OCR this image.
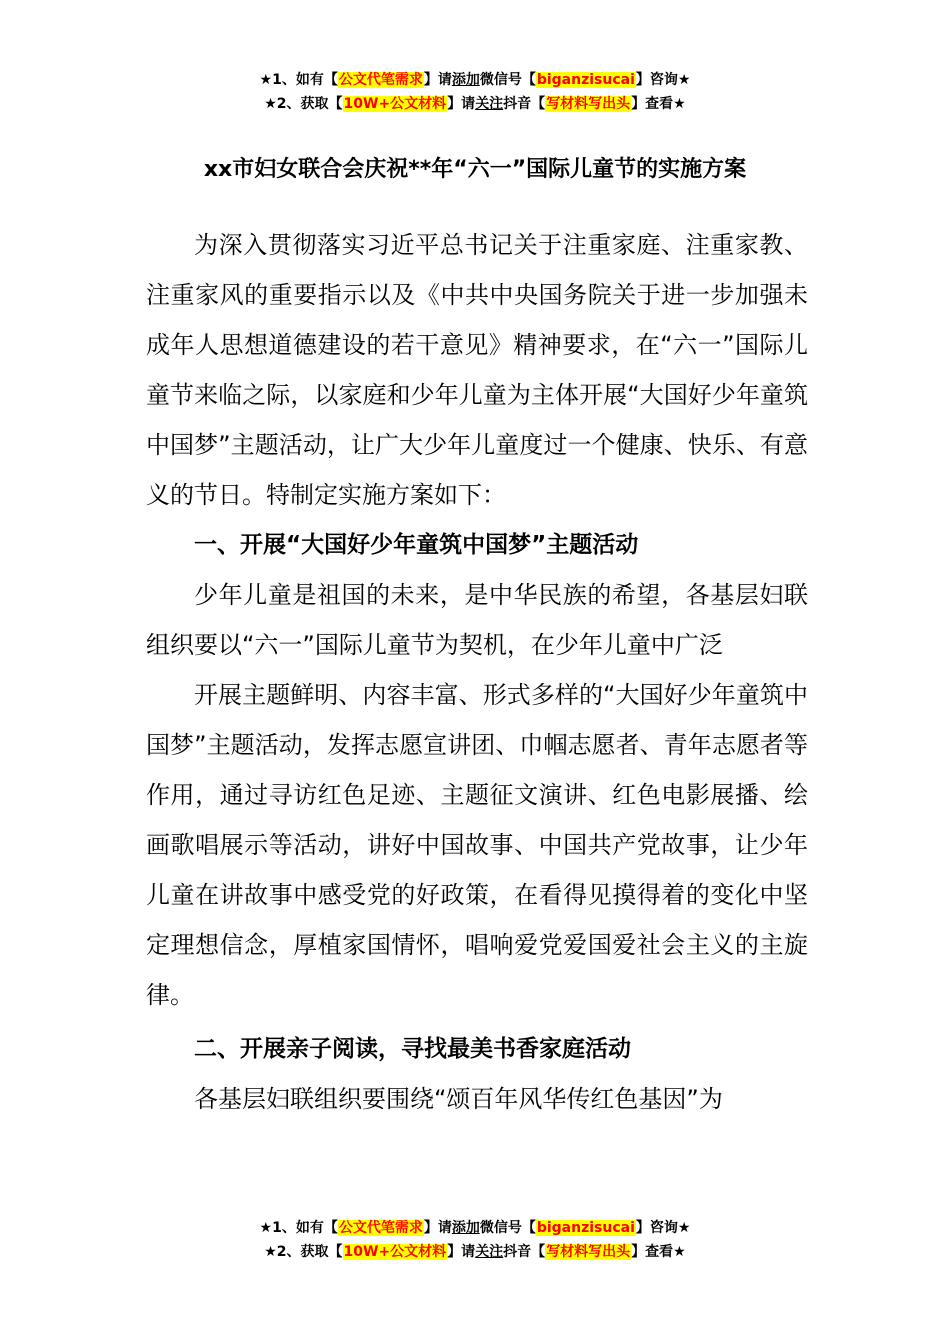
★1、如有【公文代笔需求】请添加微信号【biganzisucai】咨询★
★2、获取【10W+公文材料】请关注抖音【写材料写出头】查看★
xx市妇女联合会庆祝**年“六一”国际儿童节的实施方案

为深入贯彻落实习近平总书记关于注重家庭、注重家教、注重家风的重要指示以及《中共中央国务院关于进一步加强未成年人思想道德建设的若干意见》精神要求，在“六一”国际儿童节来临之际，以家庭和少年儿童为主体开展“大国好少年童筑中国梦”主题活动，让广大少年儿童度过一个健康、快乐、有意义的节日。特制定实施方案如下：

一、开展“大国好少年童筑中国梦”主题活动

少年儿童是祖国的未来，是中华民族的希望，各基层妇联组织要以“六一”国际儿童节为契机，在少年儿童中广泛

开展主题鲜明、内容丰富、形式多样的“大国好少年童筑中国梦”主题活动，发挥志愿宣讲团、巾帼志愿者、青年志愿者等作用，通过寻访红色足迹、主题征文演讲、红色电影展播、绘画歌唱展示等活动，讲好中国故事、中国共产党故事，让少年儿童在讲故事中感受党的好政策，在看得见摸得着的变化中坚定理想信念，厚植家国情怀，唱响爱党爱国爱社会主义的主旋律。

二、开展亲子阅读，寻找最美书香家庭活动

各基层妇联组织要围绕“颂百年风华传红色基因”为

★1、如有【公文代笔需求】请添加微信号【biganzisucai】咨询★
★2、获取【10W+公文材料】请关注抖音【写材料写出头】查看★
